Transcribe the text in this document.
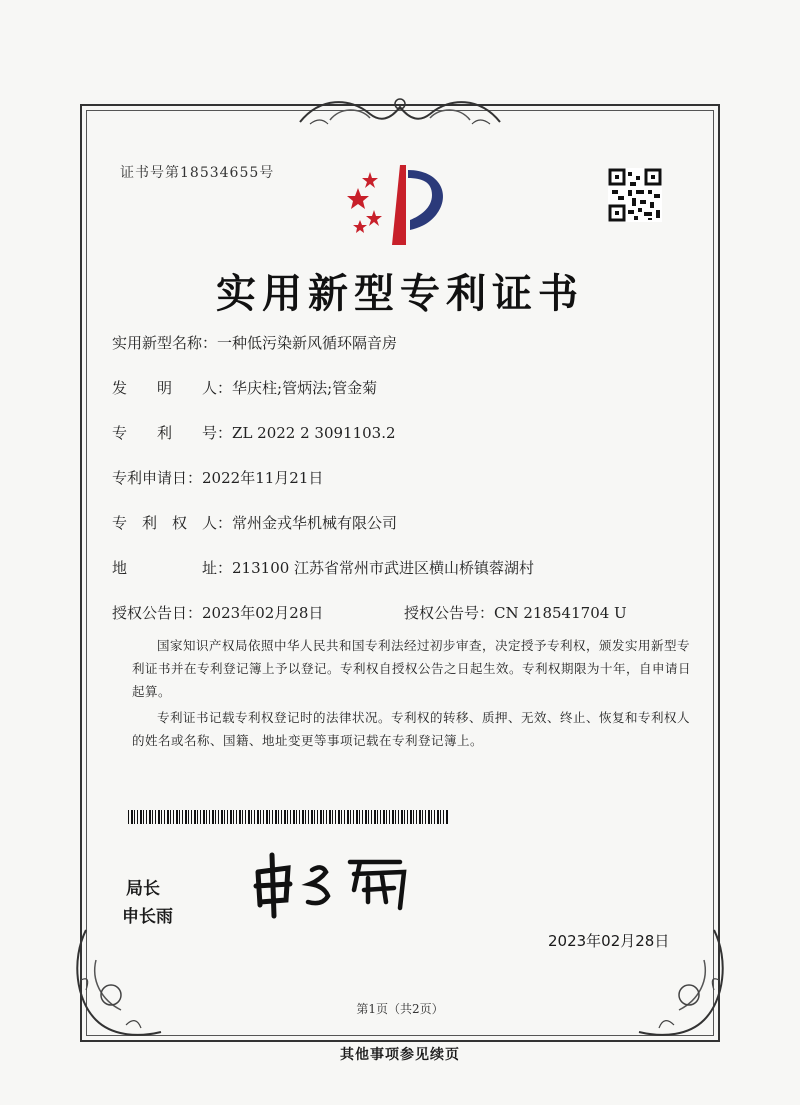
证书号第18534655号
实用新型专利证书
实用新型名称：一种低污染新风循环隔音房
发　　明　　人：华庆柱;管炳法;管金菊
专　　利　　号：ZL 2022 2 3091103.2
专利申请日：2022年11月21日
专　利　权　人：常州金戎华机械有限公司
地　　　　　址：213100 江苏省常州市武进区横山桥镇蓉湖村
授权公告日：2023年02月28日	授权公告号：CN 218541704 U
国家知识产权局依照中华人民共和国专利法经过初步审查，决定授予专利权，颁发实用新型专利证书并在专利登记簿上予以登记。专利权自授权公告之日起生效。专利权期限为十年，自申请日起算。
专利证书记载专利权登记时的法律状况。专利权的转移、质押、无效、终止、恢复和专利权人的姓名或名称、国籍、地址变更等事项记载在专利登记簿上。
局长
申长雨
2023年02月28日
第1页（共2页）
其他事项参见续页
